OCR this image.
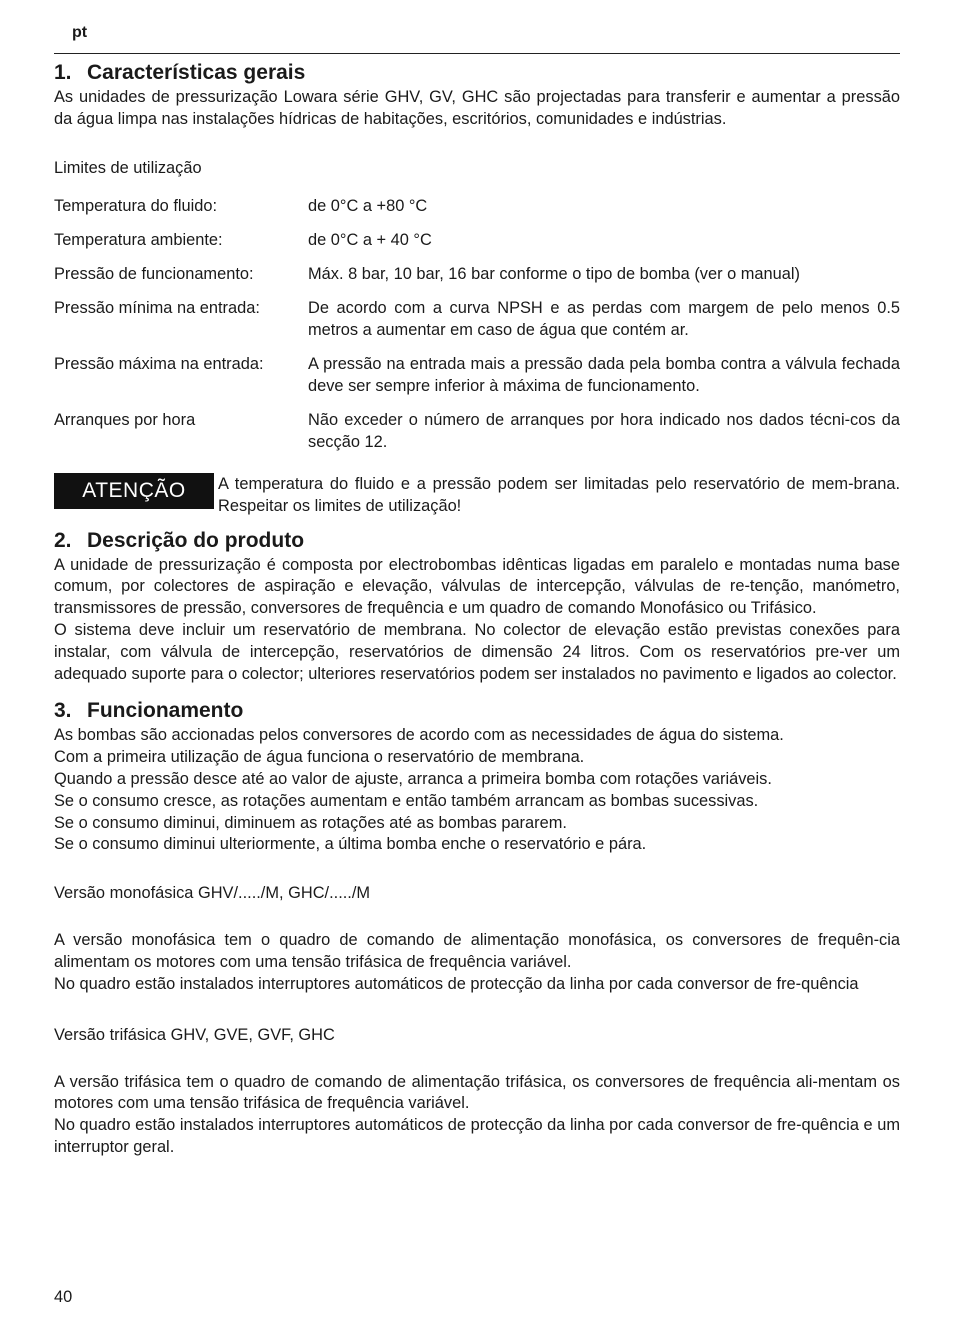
pt
1. Características gerais

As unidades de pressurização Lowara série GHV, GV, GHC são projectadas para transferir e aumentar a pressão da água limpa nas instalações hídricas de habitações, escritórios, comunidades e indústrias.

Limites de utilização
Temperatura do fluido:	de 0°C a +80 °C
Temperatura ambiente:	de 0°C a + 40 °C
Pressão de funcionamento:	Máx. 8 bar, 10 bar, 16 bar conforme o tipo de bomba (ver o manual)
Pressão mínima na entrada:	De acordo com a curva NPSH e as perdas com margem de pelo menos 0.5 metros a aumentar em caso de água que contém ar.
Pressão máxima na entrada:	A pressão na entrada mais a pressão dada pela bomba contra a válvula fechada deve ser sempre inferior à máxima de funcionamento.
Arranques por hora	Não exceder o número de arranques por hora indicado nos dados técni-cos da secção 12.
ATENÇÃO	A temperatura do fluido e a pressão podem ser limitadas pelo reservatório de mem-brana. Respeitar os limites de utilização!
2. Descrição do produto

A unidade de pressurização é composta por electrobombas idênticas ligadas em paralelo e montadas numa base comum, por colectores de aspiração e elevação, válvulas de intercepção, válvulas de re-tenção, manómetro, transmissores de pressão, conversores de frequência e um quadro de comando Monofásico ou Trifásico.

O sistema deve incluir um reservatório de membrana. No colector de elevação estão previstas conexões para instalar, com válvula de intercepção, reservatórios de dimensão 24 litros. Com os reservatórios pre-ver um adequado suporte para o colector; ulteriores reservatórios podem ser instalados no pavimento e ligados ao colector.

3. Funcionamento

As bombas são accionadas pelos conversores de acordo com as necessidades de água do sistema.

Com a primeira utilização de água funciona o reservatório de membrana.

Quando a pressão desce até ao valor de ajuste, arranca a primeira bomba com rotações variáveis.

Se o consumo cresce, as rotações aumentam e então também arrancam as bombas sucessivas.

Se o consumo diminui, diminuem as rotações até as bombas pararem.

Se o consumo diminui ulteriormente, a última bomba enche o reservatório e pára.

Versão monofásica GHV/...../M, GHC/...../M

A versão monofásica tem o quadro de comando de alimentação monofásica, os conversores de frequên-cia alimentam os motores com uma tensão trifásica de frequência variável.

No quadro estão instalados interruptores automáticos de protecção da linha por cada conversor de fre-quência

Versão trifásica GHV, GVE, GVF, GHC

A versão trifásica tem o quadro de comando de alimentação trifásica, os conversores de frequência ali-mentam os motores com uma tensão trifásica de frequência variável.

No quadro estão instalados interruptores automáticos de protecção da linha por cada conversor de fre-quência e um interruptor geral.

40
